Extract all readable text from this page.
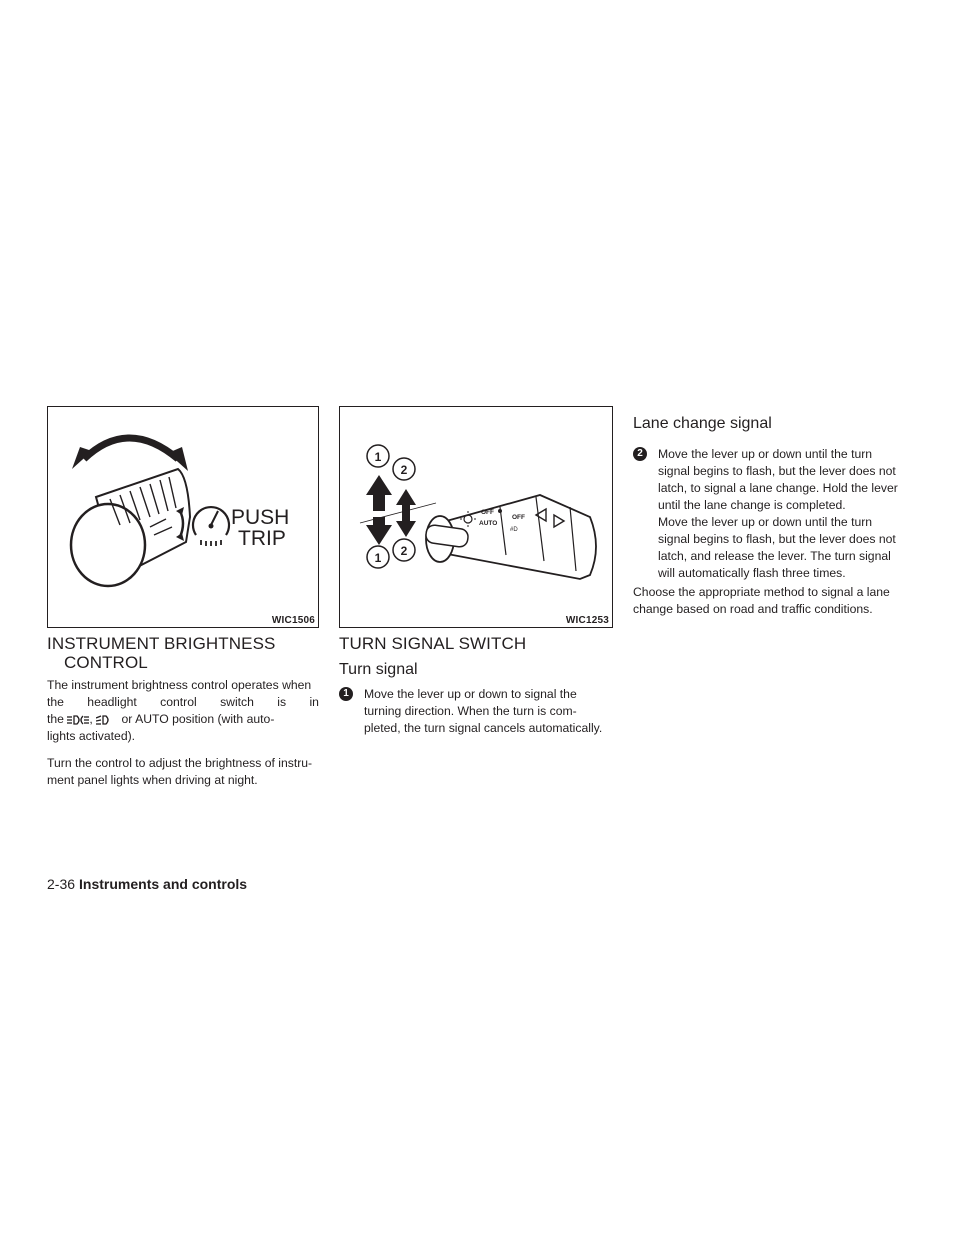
PUSH
TRIP
WIC1506
1
2
1 2
OFF
AUTO
OFF
#D
WIC1253
INSTRUMENT BRIGHTNESS
CONTROL
The instrument brightness control operates when
the headlight control switch is in
the , or AUTO position (with auto-
lights activated).
Turn the control to adjust the brightness of instru-
ment panel lights when driving at night.
TURN SIGNAL SWITCH
Turn signal
1	Move the lever up or down to signal the
turning direction. When the turn is com-
pleted, the turn signal cancels automatically.
Lane change signal
2	Move the lever up or down until the turn
signal begins to flash, but the lever does not
latch, to signal a lane change. Hold the lever
until the lane change is completed.
Move the lever up or down until the turn
signal begins to flash, but the lever does not
latch, and release the lever. The turn signal
will automatically flash three times.
Choose the appropriate method to signal a lane
change based on road and traffic conditions.
2-36 Instruments and controls
